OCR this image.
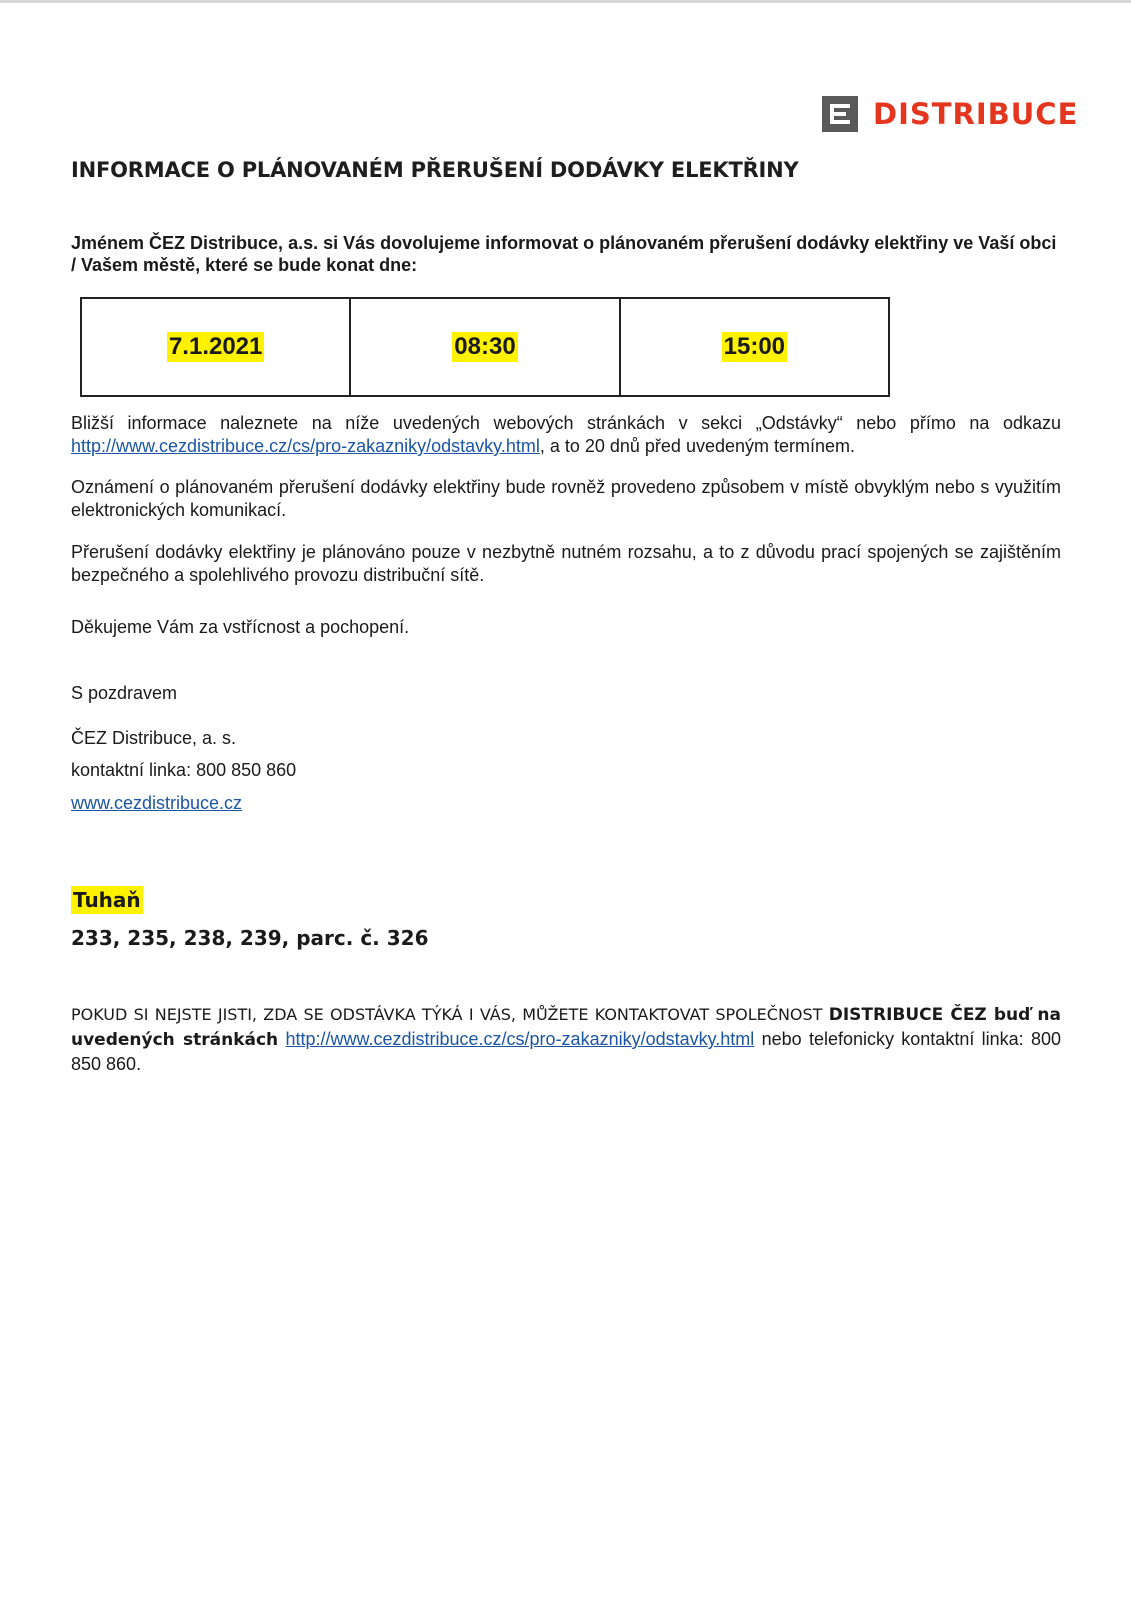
DISTRIBUCE
INFORMACE O PLÁNOVANÉM PŘERUŠENÍ DODÁVKY ELEKTŘINY
Jménem ČEZ Distribuce, a.s. si Vás dovolujeme informovat o plánovaném přerušení dodávky elektřiny ve Vaší obci / Vašem městě, které se bude konat dne:
7.1.2021	08:30	15:00
Bližší informace naleznete na níže uvedených webových stránkách v sekci „Odstávky“ nebo přímo na odkazu http://www.cezdistribuce.cz/cs/pro-zakazniky/odstavky.html, a to 20 dnů před uvedeným termínem.
Oznámení o plánovaném přerušení dodávky elektřiny bude rovněž provedeno způsobem v místě obvyklým nebo s využitím elektronických komunikací.
Přerušení dodávky elektřiny je plánováno pouze v nezbytně nutném rozsahu, a to z důvodu prací spojených se zajištěním bezpečného a spolehlivého provozu distribuční sítě.
Děkujeme Vám za vstřícnost a pochopení.
S pozdravem
ČEZ Distribuce, a. s.
kontaktní linka: 800 850 860
www.cezdistribuce.cz
Tuhaň
233, 235, 238, 239, parc. č. 326
POKUD SI NEJSTE JISTI, ZDA SE ODSTÁVKA TÝKÁ I VÁS, MŮŽETE KONTAKTOVAT SPOLEČNOST DISTRIBUCE ČEZ buď na uvedených stránkách http://www.cezdistribuce.cz/cs/pro-zakazniky/odstavky.html nebo telefonicky kontaktní linka: 800 850 860.
